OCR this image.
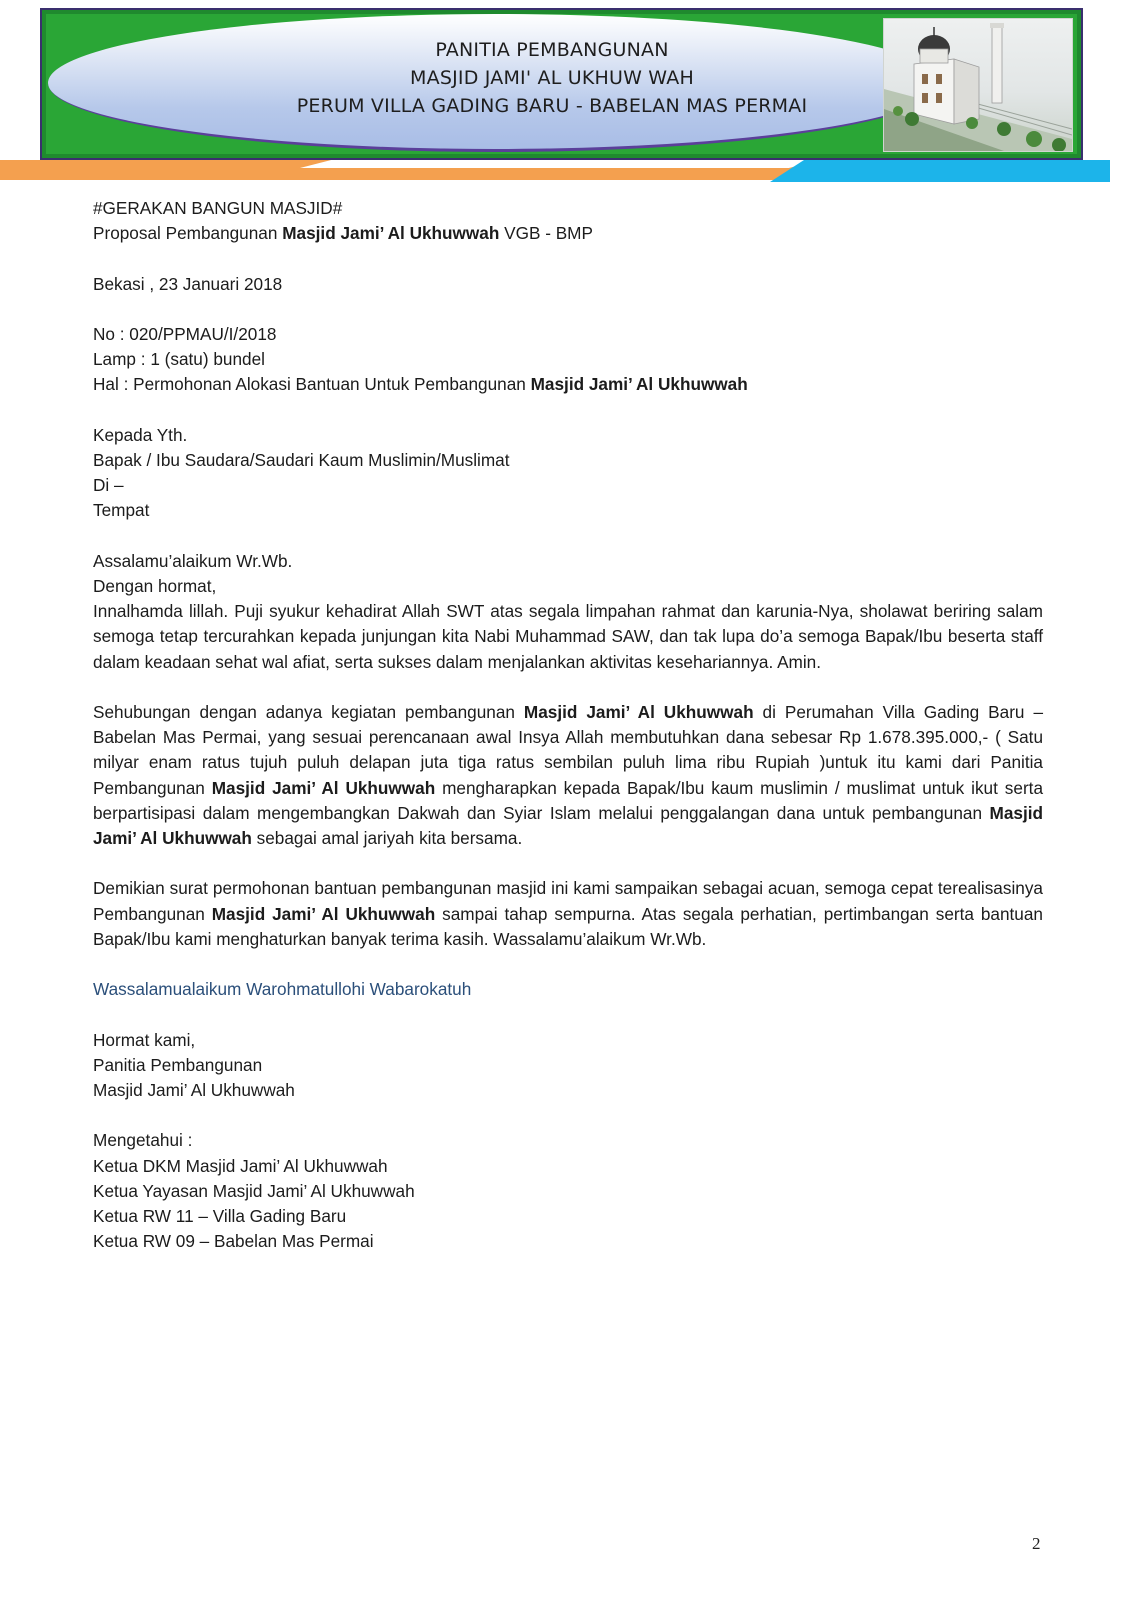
PANITIA PEMBANGUNAN
MASJID JAMI' AL UKHUW WAH
PERUM VILLA GADING BARU - BABELAN MAS PERMAI

#GERAKAN BANGUN MASJID#

Proposal Pembangunan Masjid Jami’ Al Ukhuwwah VGB - BMP

Bekasi , 23 Januari 2018

No : 020/PPMAU/I/2018

Lamp : 1 (satu) bundel

Hal : Permohonan Alokasi Bantuan Untuk Pembangunan Masjid Jami’ Al Ukhuwwah

Kepada Yth.

Bapak / Ibu Saudara/Saudari Kaum Muslimin/Muslimat

Di –

Tempat

Assalamu’alaikum Wr.Wb.

Dengan hormat,

Innalhamda lillah. Puji syukur kehadirat Allah SWT atas segala limpahan rahmat dan karunia-Nya, sholawat beriring salam semoga tetap tercurahkan kepada junjungan kita Nabi Muhammad SAW, dan tak lupa do’a semoga Bapak/Ibu beserta staff dalam keadaan sehat wal afiat, serta sukses dalam menjalankan aktivitas kesehariannya. Amin.

Sehubungan dengan adanya kegiatan pembangunan Masjid Jami’ Al Ukhuwwah di Perumahan Villa Gading Baru – Babelan Mas Permai, yang sesuai perencanaan awal Insya Allah membutuhkan dana sebesar Rp 1.678.395.000,- ( Satu milyar enam ratus tujuh puluh delapan juta tiga ratus sembilan puluh lima ribu Rupiah )untuk itu kami dari Panitia Pembangunan Masjid Jami’ Al Ukhuwwah mengharapkan kepada Bapak/Ibu kaum muslimin / muslimat untuk ikut serta berpartisipasi dalam mengembangkan Dakwah dan Syiar Islam melalui penggalangan dana untuk pembangunan Masjid Jami’ Al Ukhuwwah sebagai amal jariyah kita bersama.

Demikian surat permohonan bantuan pembangunan masjid ini kami sampaikan sebagai acuan, semoga cepat terealisasinya Pembangunan Masjid Jami’ Al Ukhuwwah sampai tahap sempurna. Atas segala perhatian, pertimbangan serta bantuan Bapak/Ibu kami menghaturkan banyak terima kasih. Wassalamu’alaikum Wr.Wb.

Wassalamualaikum Warohmatullohi Wabarokatuh

Hormat kami,

Panitia Pembangunan

Masjid Jami’ Al Ukhuwwah

Mengetahui :

Ketua DKM Masjid Jami’ Al Ukhuwwah

Ketua Yayasan Masjid Jami’ Al Ukhuwwah

Ketua RW 11 – Villa Gading Baru

Ketua RW 09 – Babelan Mas Permai

2
